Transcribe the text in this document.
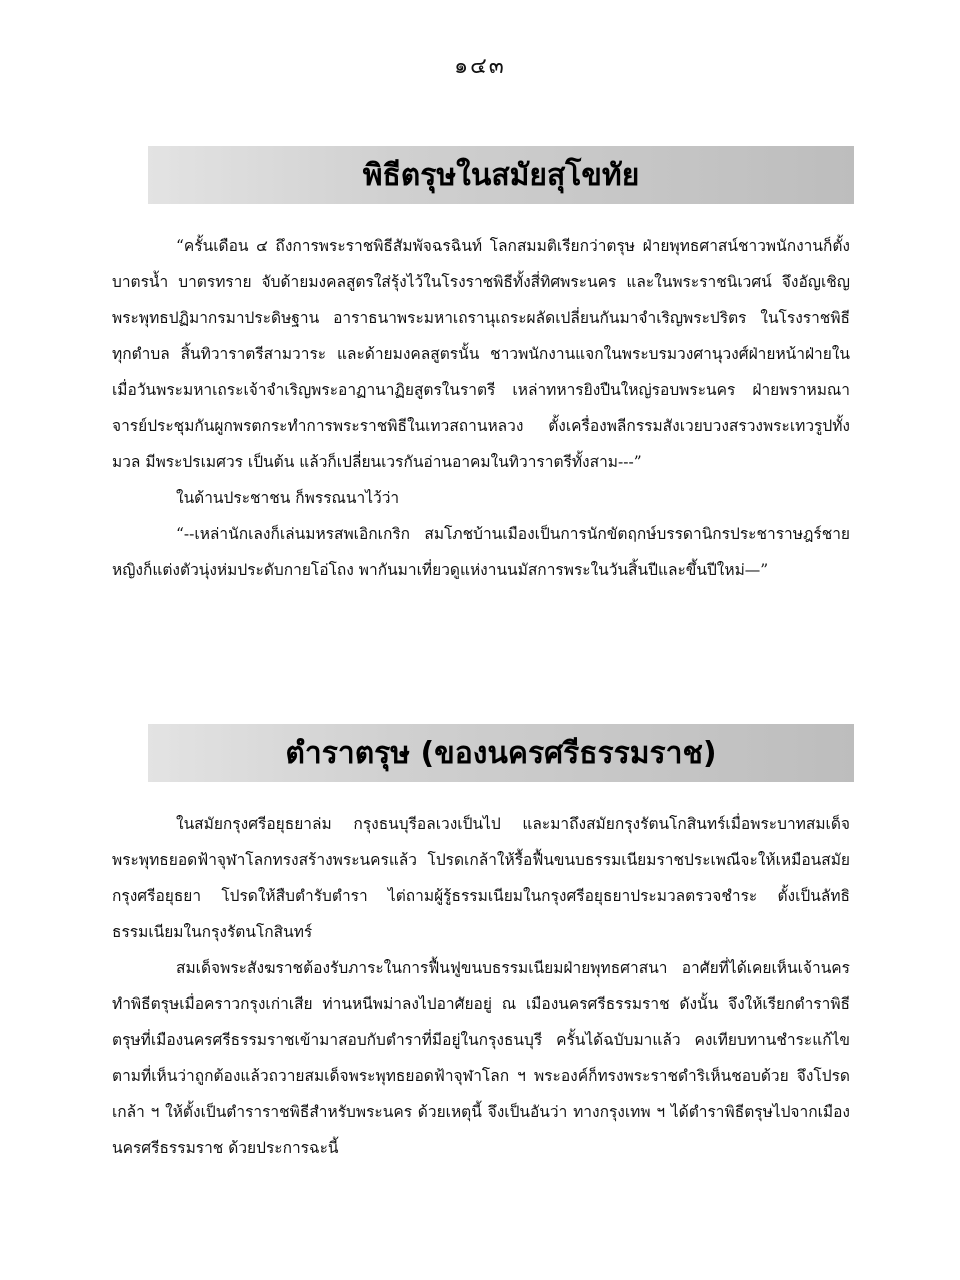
๑๔๓
พิธีตรุษในสมัยสุโขทัย

“ครั้นเดือน ๔ ถึงการพระราชพิธีสัมพัจฉรฉินท์ โลกสมมติเรียกว่าตรุษ ฝ่ายพุทธศาสน์ชาวพนักงานก็ตั้งบาตรน้ำ บาตรทราย จับด้ายมงคลสูตรใส่รุ้งไว้ในโรงราชพิธีทั้งสี่ทิศพระนคร และในพระราชนิเวศน์ จึงอัญเชิญพระพุทธปฏิมากรมาประดิษฐาน อาราธนาพระมหาเถรานุเถระผลัดเปลี่ยนกันมาจำเริญพระปริตร ในโรงราชพิธีทุกตำบล สิ้นทิวาราตรีสามวาระ และด้ายมงคลสูตรนั้น ชาวพนักงานแจกในพระบรมวงศานุวงศ์ฝ่ายหน้าฝ่ายใน เมื่อวันพระมหาเถระเจ้าจำเริญพระอาฏานาฏิยสูตรในราตรี เหล่าทหารยิงปืนใหญ่รอบพระนคร ฝ่ายพราหมณาจารย์ประชุมกันผูกพรตกระทำการพระราชพิธีในเทวสถานหลวง ตั้งเครื่องพลีกรรมสังเวยบวงสรวงพระเทวรูปทั้งมวล มีพระปรเมศวร เป็นต้น แล้วก็เปลี่ยนเวรกันอ่านอาคมในทิวาราตรีทั้งสาม---”

ในด้านประชาชน ก็พรรณนาไว้ว่า

“--เหล่านักเลงก็เล่นมหรสพเอิกเกริก สมโภชบ้านเมืองเป็นการนักขัตฤกษ์บรรดานิกรประชาราษฎร์ชายหญิงก็แต่งตัวนุ่งห่มประดับกายโอ่โถง พากันมาเที่ยวดูแห่งานนมัสการพระในวันสิ้นปีและขึ้นปีใหม่—”

ตำราตรุษ (ของนครศรีธรรมราช)

ในสมัยกรุงศรีอยุธยาล่ม กรุงธนบุรีอลเวงเป็นไป และมาถึงสมัยกรุงรัตนโกสินทร์เมื่อพระบาทสมเด็จพระพุทธยอดฟ้าจุฬาโลกทรงสร้างพระนครแล้ว โปรดเกล้าให้รื้อฟื้นขนบธรรมเนียมราชประเพณีจะให้เหมือนสมัยกรุงศรีอยุธยา โปรดให้สืบตำรับตำรา ไต่ถามผู้รู้ธรรมเนียมในกรุงศรีอยุธยาประมวลตรวจชำระ ตั้งเป็นลัทธิธรรมเนียมในกรุงรัตนโกสินทร์

สมเด็จพระสังฆราชต้องรับภาระในการฟื้นฟูขนบธรรมเนียมฝ่ายพุทธศาสนา อาศัยที่ได้เคยเห็นเจ้านครทำพิธีตรุษเมื่อคราวกรุงเก่าเสีย ท่านหนีพม่าลงไปอาศัยอยู่ ณ เมืองนครศรีธรรมราช ดังนั้น จึงให้เรียกตำราพิธีตรุษที่เมืองนครศรีธรรมราชเข้ามาสอบกับตำราที่มีอยู่ในกรุงธนบุรี ครั้นได้ฉบับมาแล้ว คงเทียบทานชำระแก้ไขตามที่เห็นว่าถูกต้องแล้วถวายสมเด็จพระพุทธยอดฟ้าจุฬาโลก ฯ พระองค์ก็ทรงพระราชดำริเห็นชอบด้วย จึงโปรดเกล้า ฯ ให้ตั้งเป็นตำราราชพิธีสำหรับพระนคร ด้วยเหตุนี้ จึงเป็นอันว่า ทางกรุงเทพ ฯ ได้ตำราพิธีตรุษไปจากเมืองนครศรีธรรมราช ด้วยประการฉะนี้
